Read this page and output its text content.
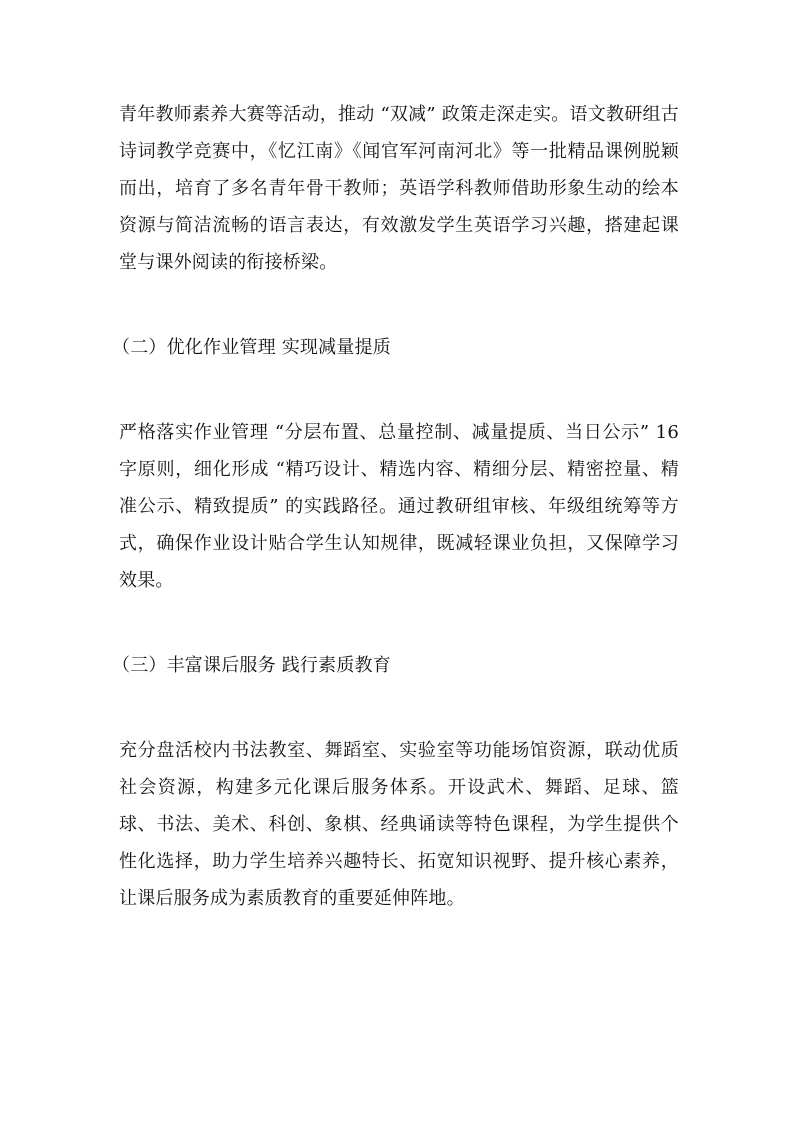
青年教师素养大赛等活动，推动 “双减” 政策走深走实。语文教研组古诗词教学竞赛中，《忆江南》《闻官军河南河北》等一批精品课例脱颖而出，培育了多名青年骨干教师；英语学科教师借助形象生动的绘本资源与简洁流畅的语言表达，有效激发学生英语学习兴趣，搭建起课堂与课外阅读的衔接桥梁。

（二）优化作业管理 实现减量提质

严格落实作业管理 “分层布置、总量控制、减量提质、当日公示” 16 字原则，细化形成 “精巧设计、精选内容、精细分层、精密控量、精准公示、精致提质” 的实践路径。通过教研组审核、年级组统筹等方式，确保作业设计贴合学生认知规律，既减轻课业负担，又保障学习效果。

（三）丰富课后服务 践行素质教育

充分盘活校内书法教室、舞蹈室、实验室等功能场馆资源，联动优质社会资源，构建多元化课后服务体系。开设武术、舞蹈、足球、篮球、书法、美术、科创、象棋、经典诵读等特色课程，为学生提供个性化选择，助力学生培养兴趣特长、拓宽知识视野、提升核心素养，让课后服务成为素质教育的重要延伸阵地。
